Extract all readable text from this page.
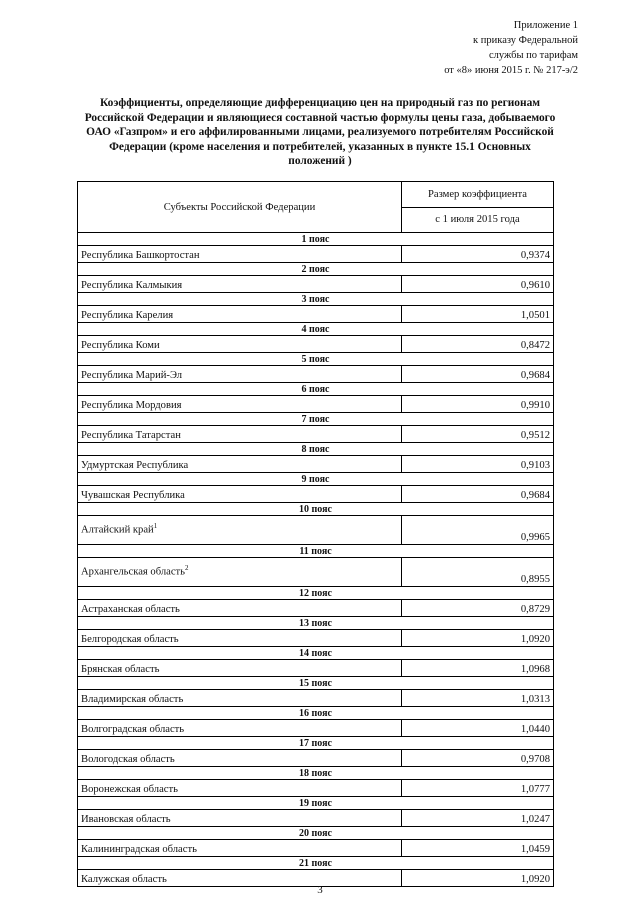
Приложение 1
к приказу Федеральной
службы по тарифам
от «8» июня 2015 г. № 217-э/2
Коэффициенты, определяющие дифференциацию цен на природный газ по регионам Российской Федерации и являющиеся составной частью формулы цены газа, добываемого ОАО «Газпром» и его аффилированными лицами, реализуемого потребителям Российской Федерации (кроме населения и потребителей, указанных в пункте 15.1 Основных положений )
Субъекты Российской Федерации	Размер коэффициента
	с 1 июля 2015 года
1 пояс	
Республика Башкортостан	0,9374
2 пояс	
Республика Калмыкия	0,9610
3 пояс	
Республика Карелия	1,0501
4 пояс	
Республика Коми	0,8472
5 пояс	
Республика Марий-Эл	0,9684
6 пояс	
Республика Мордовия	0,9910
7 пояс	
Республика Татарстан	0,9512
8 пояс	
Удмуртская Республика	0,9103
9 пояс	
Чувашская Республика	0,9684
10 пояс	
Алтайский край$^1$	0,9965
11 пояс	
Архангельская область$^2$	0,8955
12 пояс	
Астраханская область	0,8729
13 пояс	
Белгородская область	1,0920
14 пояс	
Брянская область	1,0968
15 пояс	
Владимирская область	1,0313
16 пояс	
Волгоградская область	1,0440
17 пояс	
Вологодская область	0,9708
18 пояс	
Воронежская область	1,0777
19 пояс	
Ивановская область	1,0247
20 пояс	
Калининградская область	1,0459
21 пояс	
Калужская область	1,0920
3
